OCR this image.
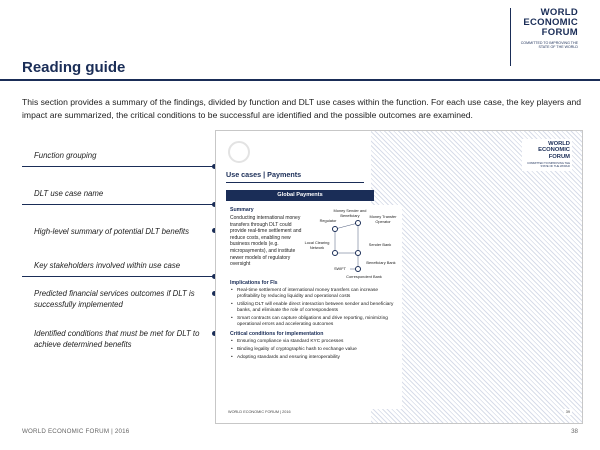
Reading guide
WORLD
ECONOMIC
FORUM
COMMITTED TO IMPROVING THE STATE OF THE WORLD
This section provides a summary of the findings, divided by function and DLT use cases within the function. For each use case, the key players and impact are summarized, the critical conditions to be successful are identified and the possible outcomes are examined.
Function grouping
DLT use case name
High-level summary of potential DLT benefits
Key stakeholders involved within use case
Predicted financial services outcomes if DLT is successfully implemented
Identified conditions that must be met for DLT to achieve determined benefits
Use cases | Payments
WORLD
ECONOMIC
FORUM
COMMITTED TO IMPROVING THE STATE OF THE WORLD
Global Payments
Summary
Conducting international money transfers through DLT could provide real-time settlement and reduce costs, enabling new business models (e.g. micropayments), and institute newer models of regulatory oversight
Implications for FIs
• Real-time settlement of international money transfers can increase profitability by reducing liquidity and operational costs
• Utilizing DLT will enable direct interaction between sender and beneficiary banks, and eliminate the role of correspondents
• Smart contracts can capture obligations and drive reporting, minimizing operational errors and accelerating outcomes
Critical conditions for implementation
• Ensuring compliance via standard KYC processes
• Binding legality of cryptographic hash to exchange value
• Adopting standards and ensuring interoperability
Money Sender and Beneficiary	Money Transfer Operator
Regulator
Local Clearing Network
Sender Bank
SWIFT
Beneficiary Bank
Correspondent Bank
WORLD ECONOMIC FORUM | 2016	39
WORLD ECONOMIC FORUM | 2016	38
